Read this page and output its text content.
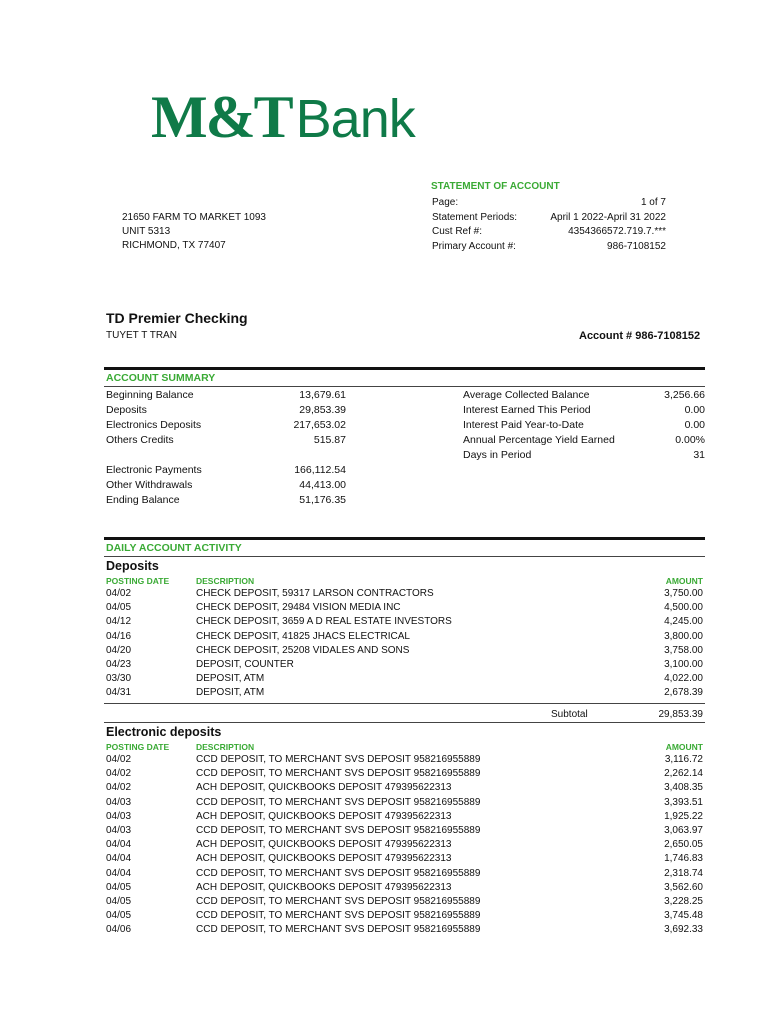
M&TBank
STATEMENT OF ACCOUNT
Page:	1 of 7
Statement Periods:	April 1 2022-April 31 2022
Cust Ref #:	4354366572.719.7.***
Primary Account #:	986-7108152
21650 FARM TO MARKET 1093
UNIT 5313
RICHMOND, TX 77407
TD Premier Checking
TUYET T TRAN	Account # 986-7108152
ACCOUNT SUMMARY
Beginning Balance	13,679.61
Deposits	29,853.39
Electronics Deposits	217,653.02
Others Credits	515.87
Electronic Payments	166,112.54
Other Withdrawals	44,413.00
Ending Balance	51,176.35
Average Collected Balance	3,256.66
Interest Earned This Period	0.00
Interest Paid Year-to-Date	0.00
Annual Percentage Yield Earned	0.00%
Days in Period	31
DAILY ACCOUNT ACTIVITY
Deposits
POSTING DATE	DESCRIPTION	AMOUNT
04/02	CHECK DEPOSIT, 59317 LARSON CONTRACTORS	3,750.00
04/05	CHECK DEPOSIT, 29484 VISION MEDIA INC	4,500.00
04/12	CHECK DEPOSIT, 3659 A D REAL ESTATE INVESTORS	4,245.00
04/16	CHECK DEPOSIT, 41825 JHACS ELECTRICAL	3,800.00
04/20	CHECK DEPOSIT, 25208 VIDALES AND SONS	3,758.00
04/23	DEPOSIT, COUNTER	3,100.00
03/30	DEPOSIT, ATM	4,022.00
04/31	DEPOSIT, ATM	2,678.39
Subtotal	29,853.39
Electronic deposits
POSTING DATE	DESCRIPTION	AMOUNT
04/02	CCD DEPOSIT, TO MERCHANT SVS DEPOSIT 958216955889	3,116.72
04/02	CCD DEPOSIT, TO MERCHANT SVS DEPOSIT 958216955889	2,262.14
04/02	ACH DEPOSIT, QUICKBOOKS DEPOSIT 479395622313	3,408.35
04/03	CCD DEPOSIT, TO MERCHANT SVS DEPOSIT 958216955889	3,393.51
04/03	ACH DEPOSIT, QUICKBOOKS DEPOSIT 479395622313	1,925.22
04/03	CCD DEPOSIT, TO MERCHANT SVS DEPOSIT 958216955889	3,063.97
04/04	ACH DEPOSIT, QUICKBOOKS DEPOSIT 479395622313	2,650.05
04/04	ACH DEPOSIT, QUICKBOOKS DEPOSIT 479395622313	1,746.83
04/04	CCD DEPOSIT, TO MERCHANT SVS DEPOSIT 958216955889	2,318.74
04/05	ACH DEPOSIT, QUICKBOOKS DEPOSIT 479395622313	3,562.60
04/05	CCD DEPOSIT, TO MERCHANT SVS DEPOSIT 958216955889	3,228.25
04/05	CCD DEPOSIT, TO MERCHANT SVS DEPOSIT 958216955889	3,745.48
04/06	CCD DEPOSIT, TO MERCHANT SVS DEPOSIT 958216955889	3,692.33
